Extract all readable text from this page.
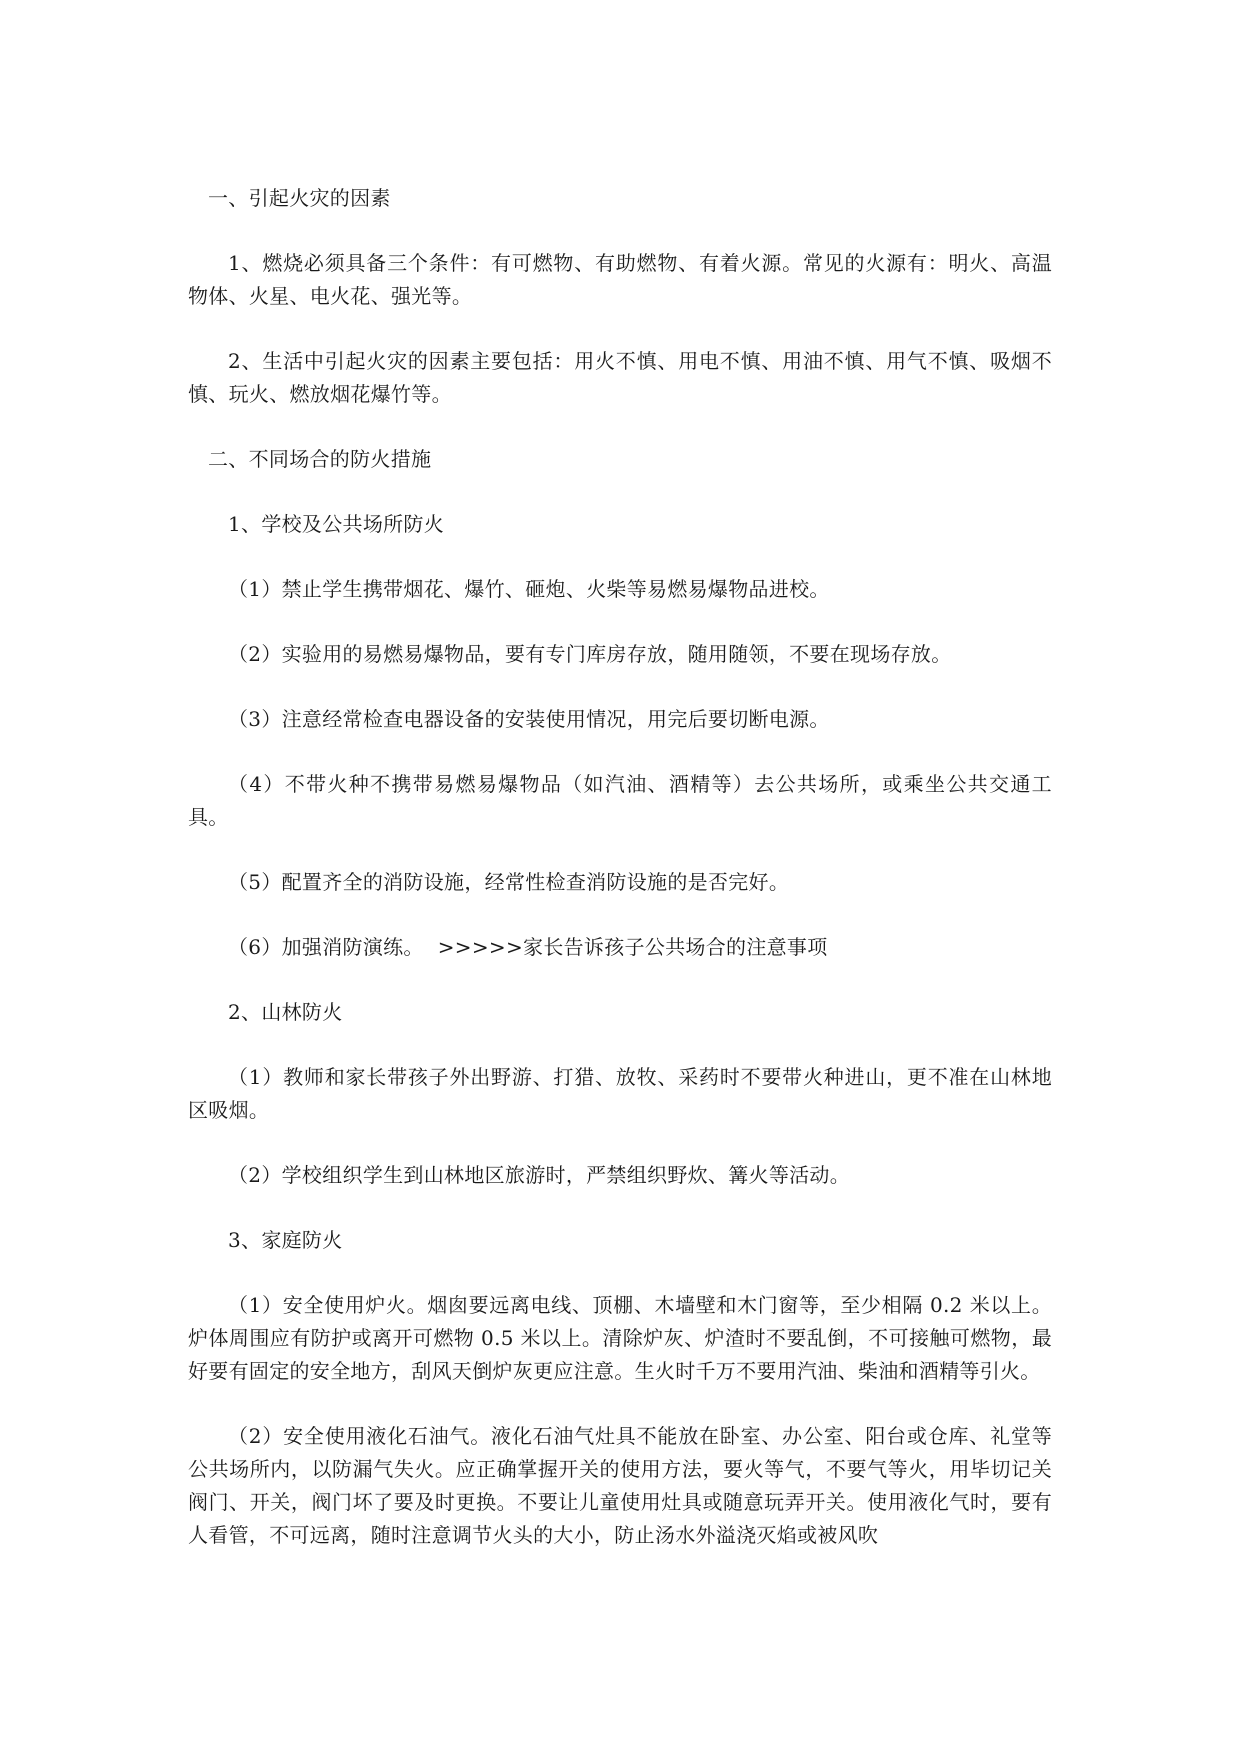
一、引起火灾的因素

1、燃烧必须具备三个条件：有可燃物、有助燃物、有着火源。常见的火源有：明火、高温物体、火星、电火花、强光等。

2、生活中引起火灾的因素主要包括：用火不慎、用电不慎、用油不慎、用气不慎、吸烟不慎、玩火、燃放烟花爆竹等。

二、不同场合的防火措施

1、学校及公共场所防火

（1）禁止学生携带烟花、爆竹、砸炮、火柴等易燃易爆物品进校。

（2）实验用的易燃易爆物品，要有专门库房存放，随用随领，不要在现场存放。

（3）注意经常检查电器设备的安装使用情况，用完后要切断电源。

（4）不带火种不携带易燃易爆物品（如汽油、酒精等）去公共场所，或乘坐公共交通工具。

（5）配置齐全的消防设施，经常性检查消防设施的是否完好。

（6）加强消防演练。 >>>>>家长告诉孩子公共场合的注意事项

2、山林防火

（1）教师和家长带孩子外出野游、打猎、放牧、采药时不要带火种进山，更不准在山林地区吸烟。

（2）学校组织学生到山林地区旅游时，严禁组织野炊、篝火等活动。

3、家庭防火

（1）安全使用炉火。烟囱要远离电线、顶棚、木墙壁和木门窗等，至少相隔 0.2 米以上。炉体周围应有防护或离开可燃物 0.5 米以上。清除炉灰、炉渣时不要乱倒，不可接触可燃物，最好要有固定的安全地方，刮风天倒炉灰更应注意。生火时千万不要用汽油、柴油和酒精等引火。

（2）安全使用液化石油气。液化石油气灶具不能放在卧室、办公室、阳台或仓库、礼堂等公共场所内，以防漏气失火。应正确掌握开关的使用方法，要火等气，不要气等火，用毕切记关阀门、开关，阀门坏了要及时更换。不要让儿童使用灶具或随意玩弄开关。使用液化气时，要有人看管，不可远离，随时注意调节火头的大小，防止汤水外溢浇灭焰或被风吹
